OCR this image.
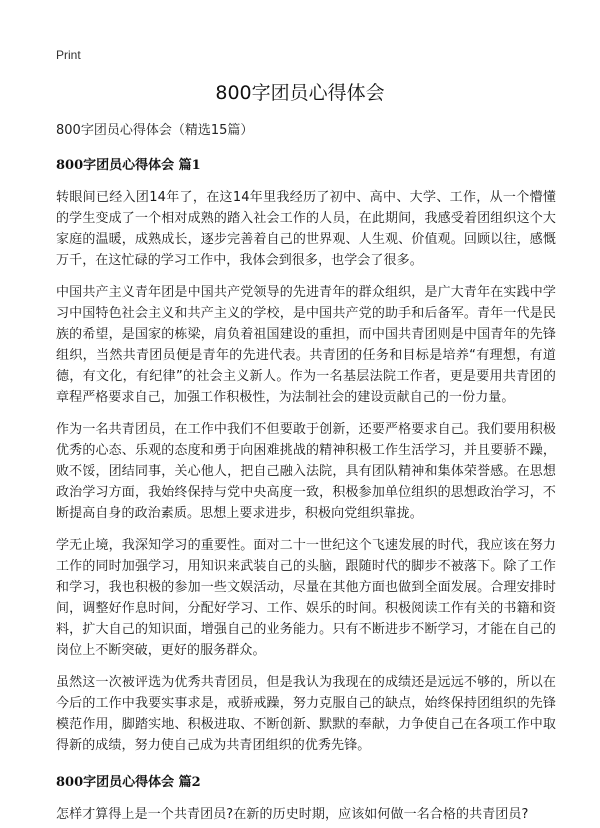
Print
800字团员心得体会
800字团员心得体会（精选15篇）
800字团员心得体会 篇1

转眼间已经入团14年了，在这14年里我经历了初中、高中、大学、工作，从一个懵懂的学生变成了一个相对成熟的踏入社会工作的人员，在此期间，我感受着团组织这个大家庭的温暖，成熟成长，逐步完善着自己的世界观、人生观、价值观。回顾以往，感慨万千，在这忙碌的学习工作中，我体会到很多，也学会了很多。

中国共产主义青年团是中国共产党领导的先进青年的群众组织，是广大青年在实践中学习中国特色社会主义和共产主义的学校，是中国共产党的助手和后备军。青年一代是民族的希望，是国家的栋梁，肩负着祖国建设的重担，而中国共青团则是中国青年的先锋组织，当然共青团员便是青年的先进代表。共青团的任务和目标是培养“有理想，有道德，有文化，有纪律”的社会主义新人。作为一名基层法院工作者，更是要用共青团的章程严格要求自己，加强工作积极性，为法制社会的建设贡献自己的一份力量。

作为一名共青团员，在工作中我们不但要敢于创新，还要严格要求自己。我们要用积极优秀的心态、乐观的态度和勇于向困难挑战的精神积极工作生活学习，并且要骄不躁，败不馁，团结同事，关心他人，把自己融入法院，具有团队精神和集体荣誉感。在思想政治学习方面，我始终保持与党中央高度一致，积极参加单位组织的思想政治学习，不断提高自身的政治素质。思想上要求进步，积极向党组织靠拢。

学无止境，我深知学习的重要性。面对二十一世纪这个飞速发展的时代，我应该在努力工作的同时加强学习，用知识来武装自己的头脑，跟随时代的脚步不被落下。除了工作和学习，我也积极的参加一些文娱活动，尽量在其他方面也做到全面发展。合理安排时间，调整好作息时间，分配好学习、工作、娱乐的时间。积极阅读工作有关的书籍和资料，扩大自己的知识面，增强自己的业务能力。只有不断进步不断学习，才能在自己的岗位上不断突破，更好的服务群众。

虽然这一次被评选为优秀共青团员，但是我认为我现在的成绩还是远远不够的，所以在今后的工作中我要实事求是，戒骄戒躁，努力克服自己的缺点，始终保持团组织的先锋模范作用，脚踏实地、积极进取、不断创新、默默的奉献，力争使自己在各项工作中取得新的成绩，努力使自己成为共青团组织的优秀先锋。

800字团员心得体会 篇2

怎样才算得上是一个共青团员?在新的历史时期，应该如何做一名合格的共青团员?
